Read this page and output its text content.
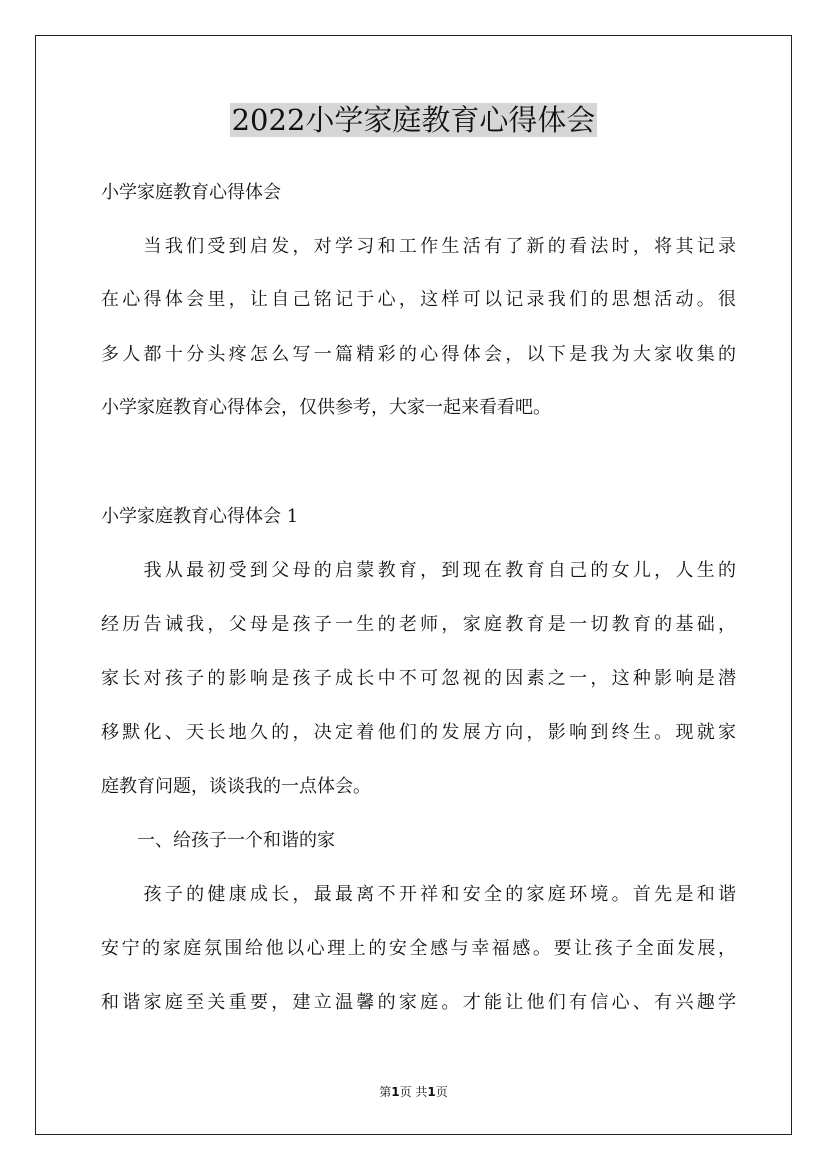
2022小学家庭教育心得体会

小学家庭教育心得体会

　　当我们受到启发，对学习和工作生活有了新的看法时，将其记录

在心得体会里，让自己铭记于心，这样可以记录我们的思想活动。很

多人都十分头疼怎么写一篇精彩的心得体会，以下是我为大家收集的

小学家庭教育心得体会，仅供参考，大家一起来看看吧。

小学家庭教育心得体会 1

　　我从最初受到父母的启蒙教育，到现在教育自己的女儿，人生的

经历告诫我，父母是孩子一生的老师，家庭教育是一切教育的基础，

家长对孩子的影响是孩子成长中不可忽视的因素之一，这种影响是潜

移默化、天长地久的，决定着他们的发展方向，影响到终生。现就家

庭教育问题，谈谈我的一点体会。

　　一、给孩子一个和谐的家

　　孩子的健康成长，最最离不开祥和安全的家庭环境。首先是和谐

安宁的家庭氛围给他以心理上的安全感与幸福感。要让孩子全面发展，

和谐家庭至关重要，建立温馨的家庭。才能让他们有信心、有兴趣学

第1页 共1页
